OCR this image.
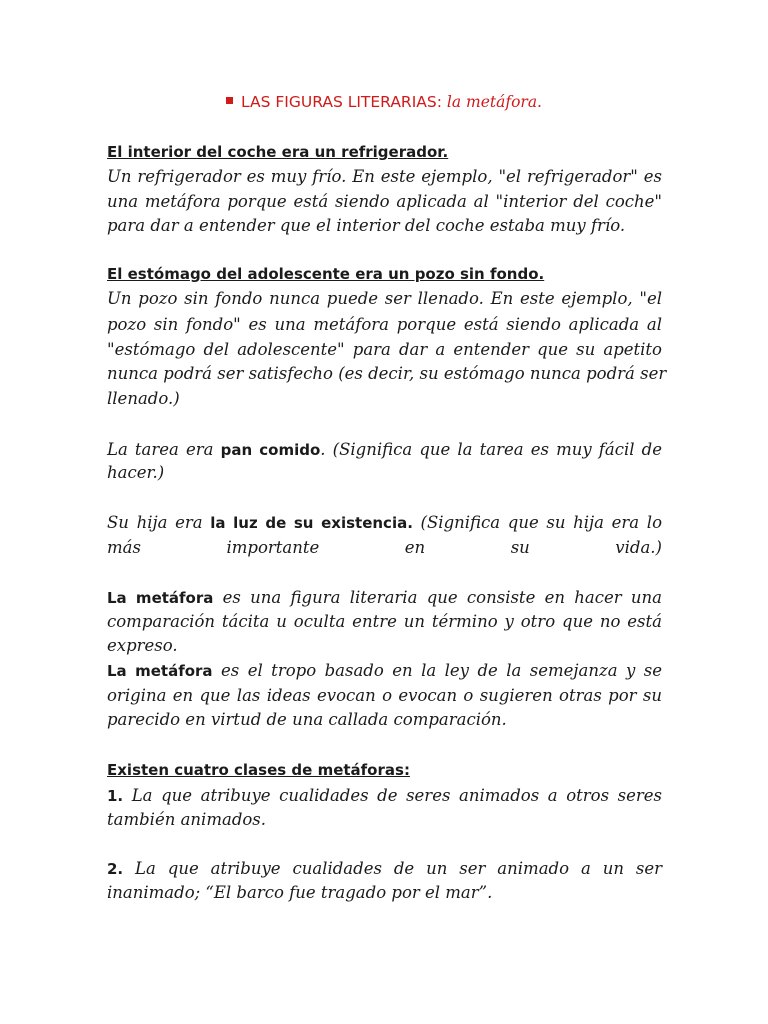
LAS FIGURAS LITERARIAS: la metáfora.
El interior del coche era un refrigerador.
Un refrigerador es muy frío. En este ejemplo, "el refrigerador" es
una metáfora porque está siendo aplicada al "interior del coche"
para dar a entender que el interior del coche estaba muy frío.
El estómago del adolescente era un pozo sin fondo.
Un pozo sin fondo nunca puede ser llenado. En este ejemplo, "el
pozo sin fondo" es una metáfora porque está siendo aplicada al
"estómago del adolescente" para dar a entender que su apetito
nunca podrá ser satisfecho (es decir, su estómago nunca podrá ser
llenado.)
La tarea era pan comido. (Significa que la tarea es muy fácil de
hacer.)
Su hija era la luz de su existencia. (Significa que su hija era lo
más importante en su vida.)
La metáfora es una figura literaria que consiste en hacer una
comparación tácita u oculta entre un término y otro que no está
expreso.
La metáfora es el tropo basado en la ley de la semejanza y se
origina en que las ideas evocan o evocan o sugieren otras por su
parecido en virtud de una callada comparación.
Existen cuatro clases de metáforas:
1. La que atribuye cualidades de seres animados a otros seres
también animados.
2. La que atribuye cualidades de un ser animado a un ser
inanimado; “El barco fue tragado por el mar”.
